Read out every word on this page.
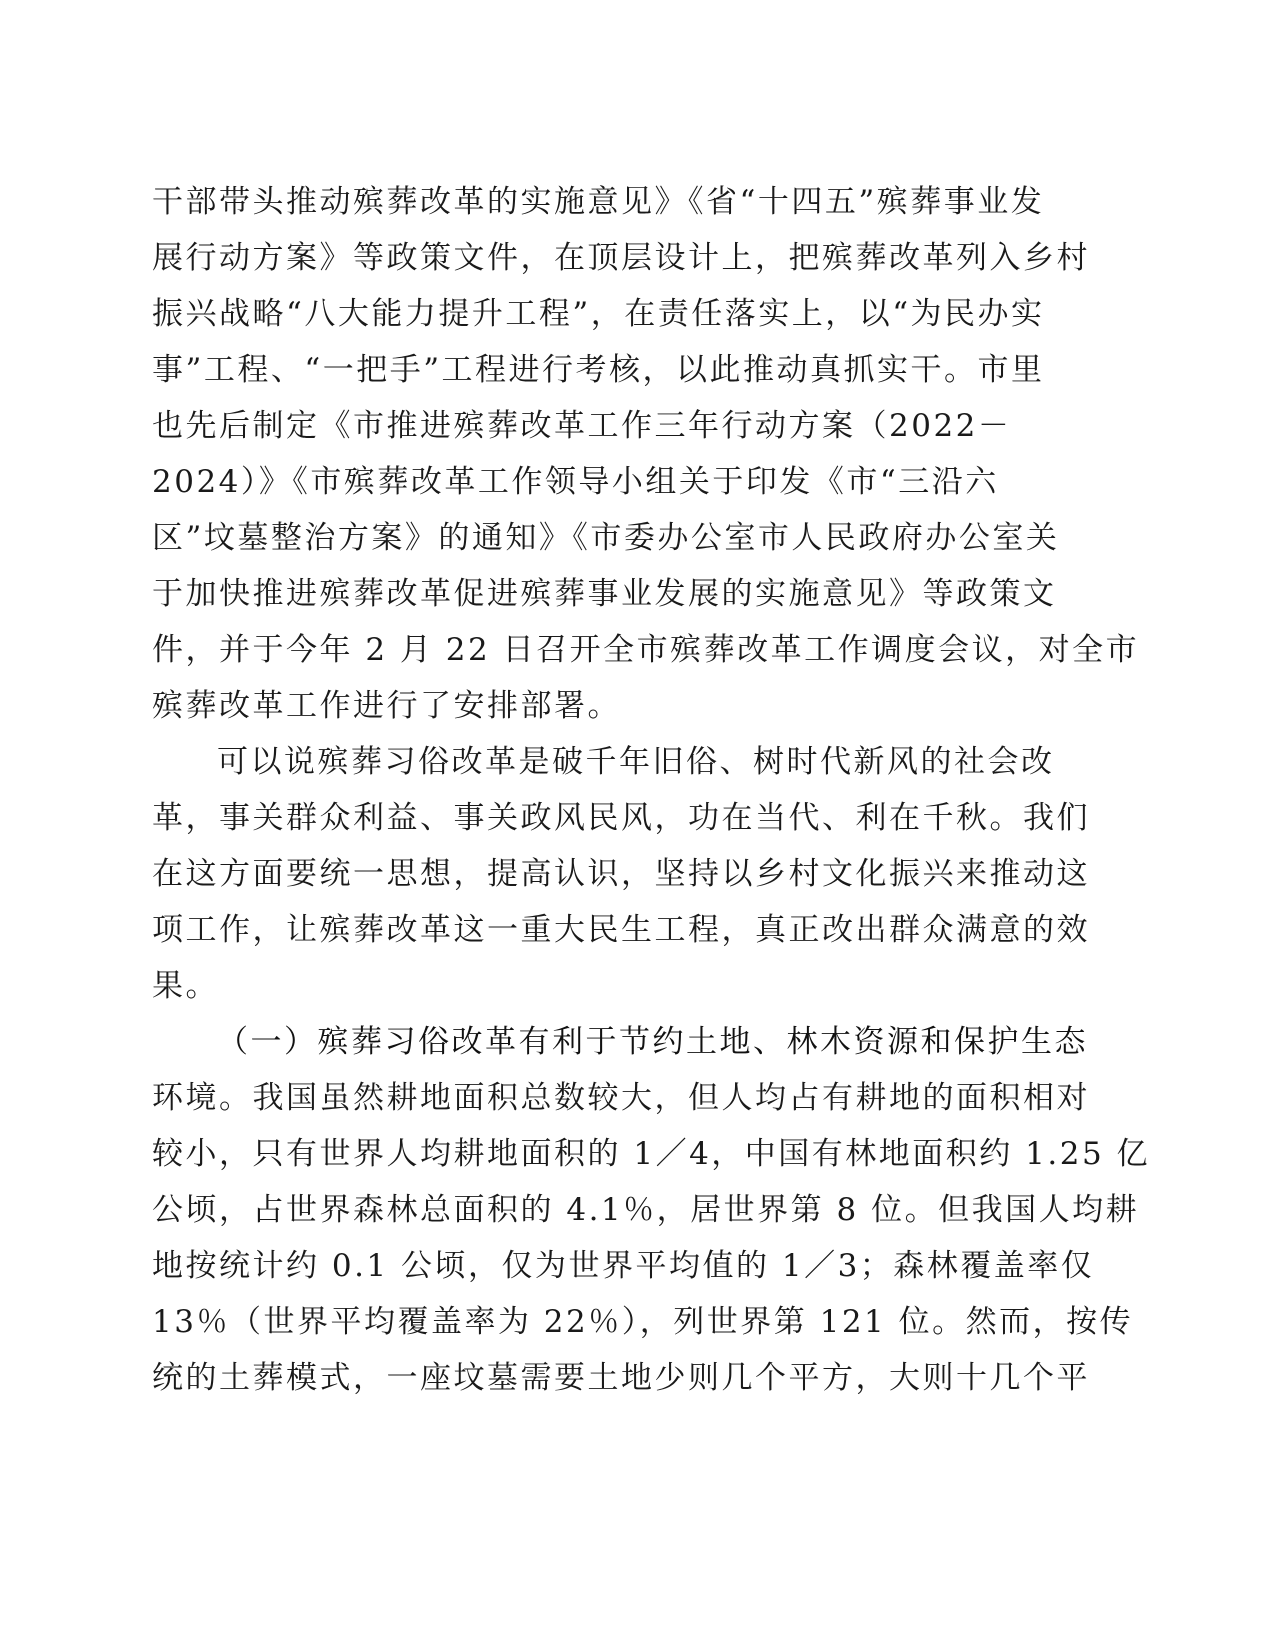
干部带头推动殡葬改革的实施意见》《省“十四五”殡葬事业发
展行动方案》等政策文件，在顶层设计上，把殡葬改革列入乡村
振兴战略“八大能力提升工程”，在责任落实上，以“为民办实
事”工程、“一把手”工程进行考核，以此推动真抓实干。市里
也先后制定《市推进殡葬改革工作三年行动方案（2022－
2024）》《市殡葬改革工作领导小组关于印发《市“三沿六
区”坟墓整治方案》的通知》《市委办公室市人民政府办公室关
于加快推进殡葬改革促进殡葬事业发展的实施意见》等政策文
件，并于今年 2 月 22 日召开全市殡葬改革工作调度会议，对全市
殡葬改革工作进行了安排部署。
可以说殡葬习俗改革是破千年旧俗、树时代新风的社会改
革，事关群众利益、事关政风民风，功在当代、利在千秋。我们
在这方面要统一思想，提高认识，坚持以乡村文化振兴来推动这
项工作，让殡葬改革这一重大民生工程，真正改出群众满意的效
果。
（一）殡葬习俗改革有利于节约土地、林木资源和保护生态
环境。我国虽然耕地面积总数较大，但人均占有耕地的面积相对
较小，只有世界人均耕地面积的 1／4，中国有林地面积约 1.25 亿
公顷，占世界森林总面积的 4.1％，居世界第 8 位。但我国人均耕
地按统计约 0.1 公顷，仅为世界平均值的 1／3；森林覆盖率仅
13％（世界平均覆盖率为 22％），列世界第 121 位。然而，按传
统的土葬模式，一座坟墓需要土地少则几个平方，大则十几个平
